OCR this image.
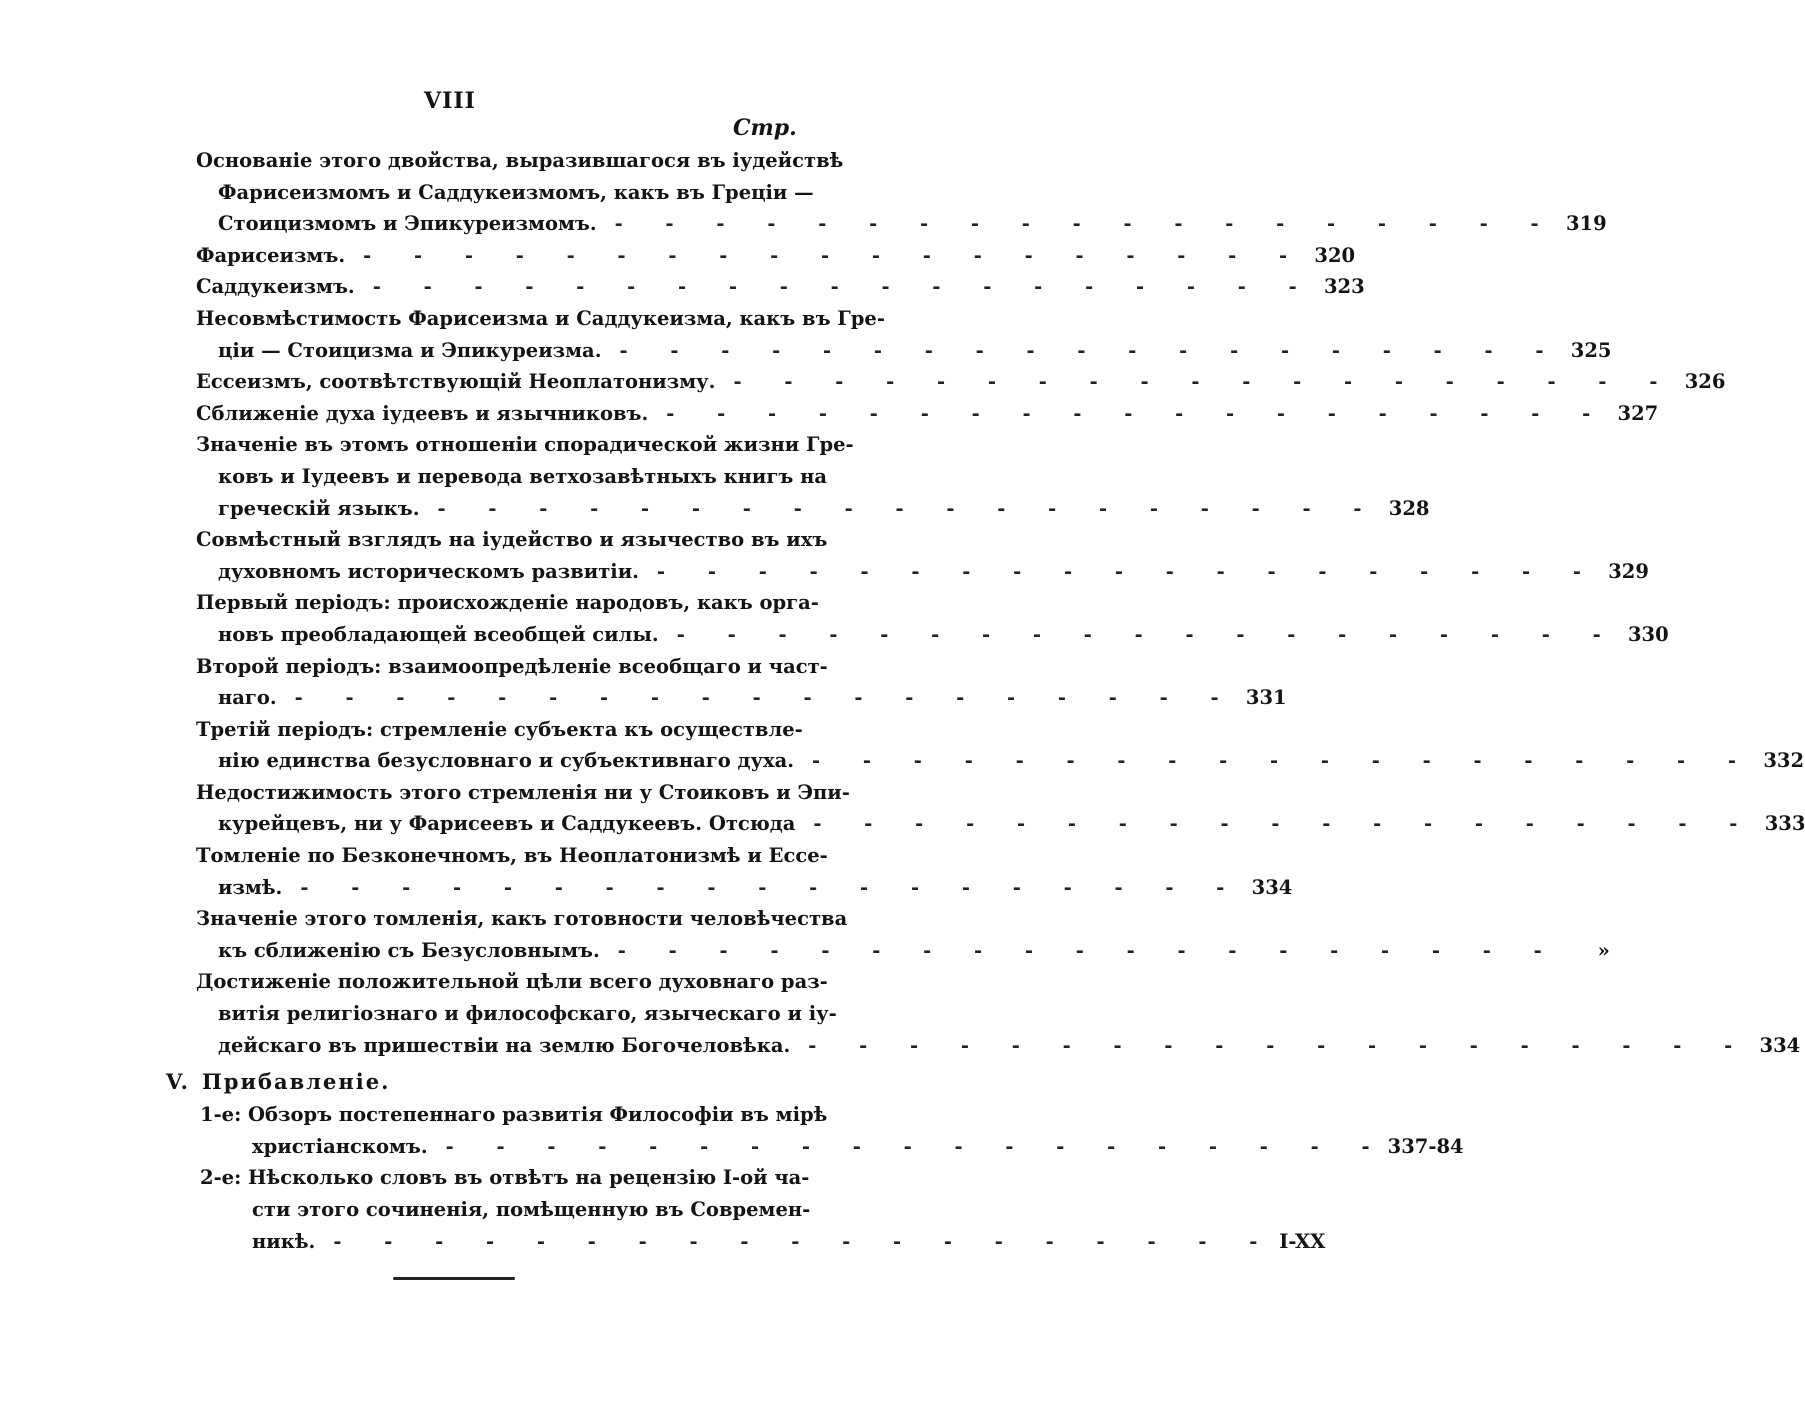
VIII
Стр.
Основаніе этого двойства, выразившагося въ іудействѣ
Фарисеизмомъ и Саддукеизмомъ, какъ въ Греціи —
Стоицизмомъ и Эпикуреизмомъ. - - - - - - - - - - - - - - - - - - - 319
Фарисеизмъ. - - - - - - - - - - - - - - - - - - - 320
Саддукеизмъ. - - - - - - - - - - - - - - - - - - - 323
Несовмѣстимость Фарисеизма и Саддукеизма, какъ въ Гре-
ціи — Стоицизма и Эпикуреизма. - - - - - - - - - - - - - - - - - - - 325
Ессеизмъ, соотвѣтствующій Неоплатонизму. - - - - - - - - - - - - - - - - - - - 326
Сближеніе духа іудеевъ и язычниковъ. - - - - - - - - - - - - - - - - - - - 327
Значеніе въ этомъ отношеніи спорадической жизни Гре-
ковъ и Іудеевъ и перевода ветхозавѣтныхъ книгъ на
греческій языкъ. - - - - - - - - - - - - - - - - - - - 328
Совмѣстный взглядъ на іудейство и язычество въ ихъ
духовномъ историческомъ развитіи. - - - - - - - - - - - - - - - - - - - 329
Первый періодъ: происхожденіе народовъ, какъ орга-
новъ преобладающей всеобщей силы. - - - - - - - - - - - - - - - - - - - 330
Второй періодъ: взаимоопредѣленіе всеобщаго и част-
наго. - - - - - - - - - - - - - - - - - - - 331
Третій періодъ: стремленіе субъекта къ осуществле-
нію единства безусловнаго и субъективнаго духа. - - - - - - - - - - - - - - - - - - - 332
Недостижимость этого стремленія ни у Стоиковъ и Эпи-
курейцевъ, ни у Фарисеевъ и Саддукеевъ. Отсюда - - - - - - - - - - - - - - - - - - - 333
Томленіе по Безконечномъ, въ Неоплатонизмѣ и Ессе-
измѣ. - - - - - - - - - - - - - - - - - - - 334
Значеніе этого томленія, какъ готовности человѣчества
къ сближенію съ Безусловнымъ. - - - - - - - - - - - - - - - - - - -	»
Достиженіе положительной цѣли всего духовнаго раз-
витія религіознаго и философскаго, языческаго и іу-
дейскаго въ пришествіи на землю Богочеловѣка. - - - - - - - - - - - - - - - - - - - 334
V. Прибавленіе.
1-е: Обзоръ постепеннаго развитія Философіи въ мірѣ
христіанскомъ. - - - - - - - - - - - - - - - - - - - 337-84
2-е: Нѣсколько словъ въ отвѣтъ на рецензію I-ой ча-
сти этого сочиненія, помѣщенную въ Современ-
никѣ. - - - - - - - - - - - - - - - - - - - I-XX
